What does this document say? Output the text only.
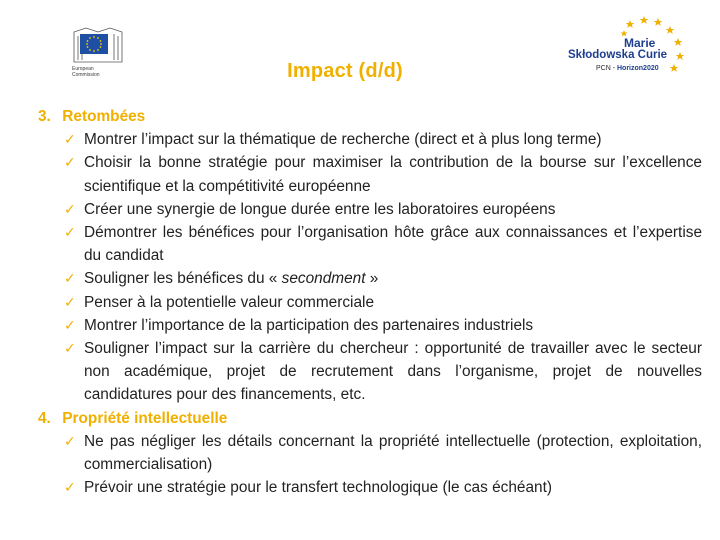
European
Commission
Marie
Skłodowska Curie
PCN - Horizon2020
Impact (d/d)
3. Retombées
✓ Montrer l’impact sur la thématique de recherche (direct et à plus long terme)
✓ Choisir la bonne stratégie pour maximiser la contribution de la bourse sur l’excellence scientifique et la compétitivité européenne
✓ Créer une synergie de longue durée entre les laboratoires européens
✓ Démontrer les bénéfices pour l’organisation hôte grâce aux connaissances et l’expertise du candidat
✓ Souligner les bénéfices du « secondment »
✓ Penser à la potentielle valeur commerciale
✓ Montrer l’importance de la participation des partenaires industriels
✓ Souligner l’impact sur la carrière du chercheur : opportunité de travailler avec le secteur non académique, projet de recrutement dans l’organisme, projet de nouvelles candidatures pour des financements, etc.
4. Propriété intellectuelle
✓ Ne pas négliger les détails concernant la propriété intellectuelle (protection, exploitation, commercialisation)
✓ Prévoir une stratégie pour le transfert technologique (le cas échéant)
